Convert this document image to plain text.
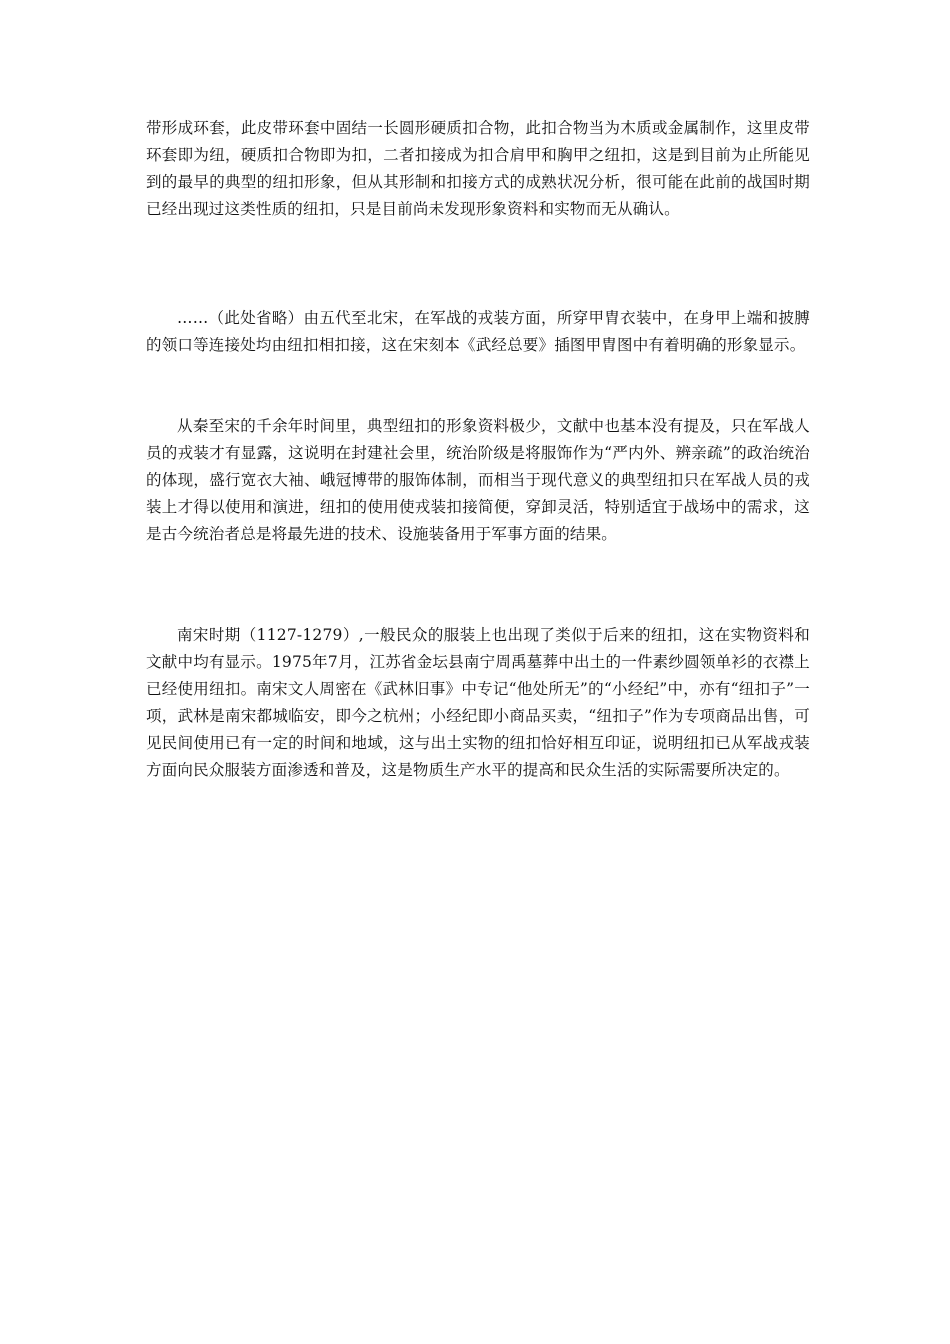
带形成环套，此皮带环套中固结一长圆形硬质扣合物，此扣合物当为木质或金属制作，这里皮带环套即为纽，硬质扣合物即为扣，二者扣接成为扣合肩甲和胸甲之纽扣，这是到目前为止所能见到的最早的典型的纽扣形象，但从其形制和扣接方式的成熟状况分析，很可能在此前的战国时期已经出现过这类性质的纽扣，只是目前尚未发现形象资料和实物而无从确认。

……（此处省略）由五代至北宋，在军战的戎装方面，所穿甲胄衣装中，在身甲上端和披膊的领口等连接处均由纽扣相扣接，这在宋刻本《武经总要》插图甲胄图中有着明确的形象显示。

从秦至宋的千余年时间里，典型纽扣的形象资料极少，文献中也基本没有提及，只在军战人员的戎装才有显露，这说明在封建社会里，统治阶级是将服饰作为“严内外、辨亲疏”的政治统治的体现，盛行宽衣大袖、峨冠博带的服饰体制，而相当于现代意义的典型纽扣只在军战人员的戎装上才得以使用和演进，纽扣的使用使戎装扣接简便，穿卸灵活，特别适宜于战场中的需求，这是古今统治者总是将最先进的技术、设施装备用于军事方面的结果。

南宋时期（1127-1279）,一般民众的服装上也出现了类似于后来的纽扣，这在实物资料和文献中均有显示。1975年7月，江苏省金坛县南宁周禹墓葬中出土的一件素纱圆领单衫的衣襟上已经使用纽扣。南宋文人周密在《武林旧事》中专记“他处所无”的“小经纪”中，亦有“纽扣子”一项，武林是南宋都城临安，即今之杭州；小经纪即小商品买卖，“纽扣子”作为专项商品出售，可见民间使用已有一定的时间和地域，这与出土实物的纽扣恰好相互印证，说明纽扣已从军战戎装方面向民众服装方面渗透和普及，这是物质生产水平的提高和民众生活的实际需要所决定的。
